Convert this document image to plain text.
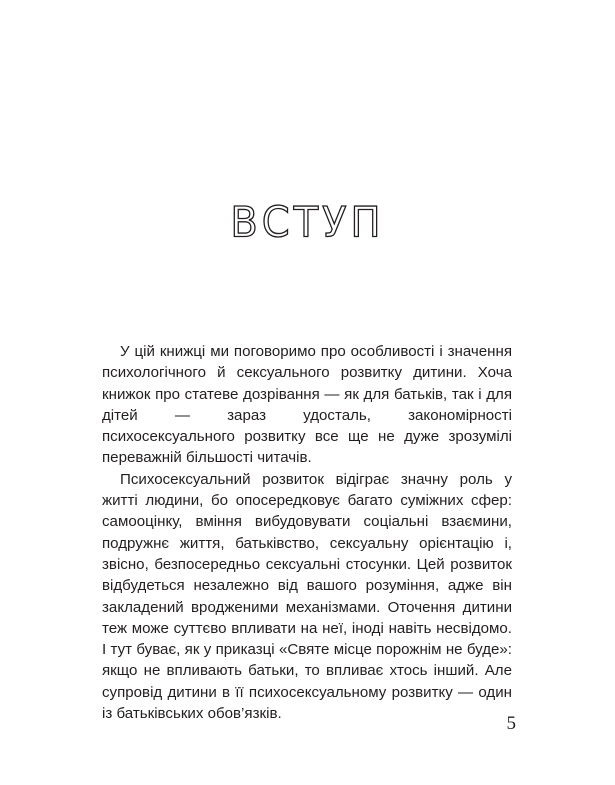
ВСТУП

У цій книжці ми поговоримо про особливості і значення психологічного й сексуального розвитку дитини. Хоча книжок про статеве дозрівання — як для батьків, так і для дітей — зараз удосталь, закономірності психосексуального розвитку все ще не дуже зрозумілі переважній більшості читачів.

Психосексуальний розвиток відіграє значну роль у житті людини, бо опосередковує багато суміжних сфер: самооцінку, вміння вибудовувати соціальні взаємини, подружнє життя, батьківство, сексуальну орієнтацію і, звісно, безпосередньо сексуальні стосунки. Цей розвиток відбудеться незалежно від вашого розуміння, адже він закладений вродженими механізмами. Оточення дитини теж може суттєво впливати на неї, іноді навіть несвідомо. І тут буває, як у приказці «Святе місце порожнім не буде»: якщо не впливають батьки, то впливає хтось інший. Але супровід дитини в її психосексуальному розвитку — один із батьківських обов’язків.	5
